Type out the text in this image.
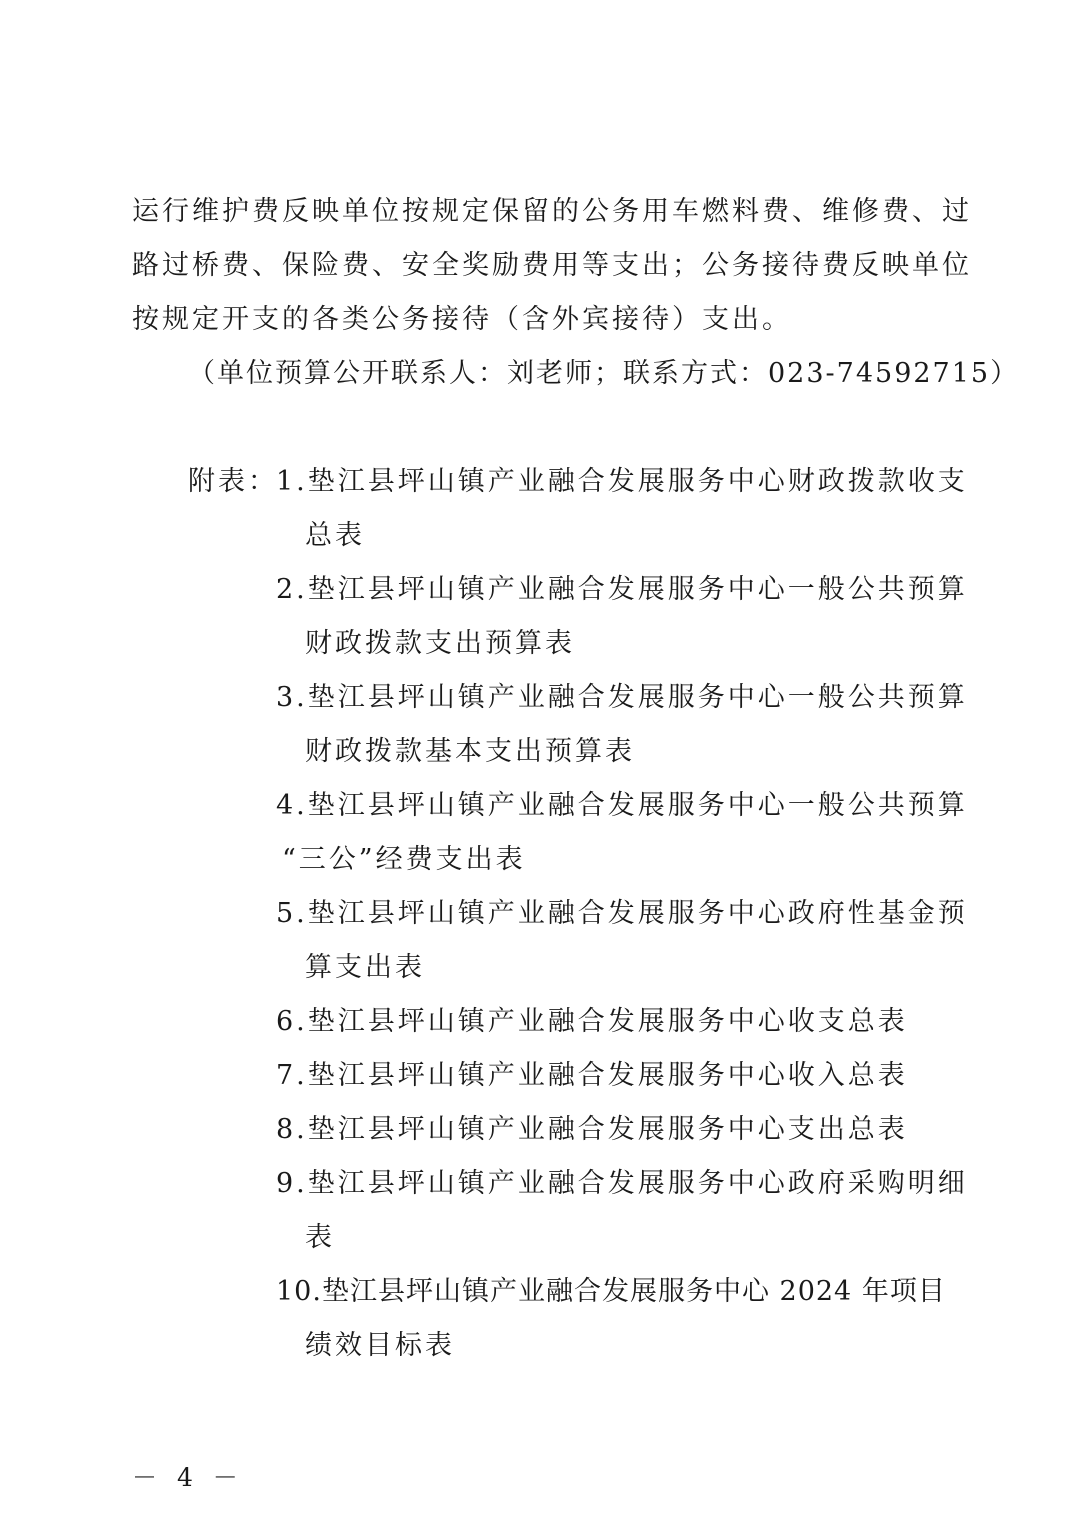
运行维护费反映单位按规定保留的公务用车燃料费、维修费、过
路过桥费、保险费、安全奖励费用等支出；公务接待费反映单位
按规定开支的各类公务接待（含外宾接待）支出。
（单位预算公开联系人：刘老师；联系方式：023-74592715）
附表：
1.垫江县坪山镇产业融合发展服务中心财政拨款收支
总表
2.垫江县坪山镇产业融合发展服务中心一般公共预算
财政拨款支出预算表
3.垫江县坪山镇产业融合发展服务中心一般公共预算
财政拨款基本支出预算表
4.垫江县坪山镇产业融合发展服务中心一般公共预算
“三公”经费支出表
5.垫江县坪山镇产业融合发展服务中心政府性基金预
算支出表
6.垫江县坪山镇产业融合发展服务中心收支总表
7.垫江县坪山镇产业融合发展服务中心收入总表
8.垫江县坪山镇产业融合发展服务中心支出总表
9.垫江县坪山镇产业融合发展服务中心政府采购明细
表
10.垫江县坪山镇产业融合发展服务中心 2024 年项目
绩效目标表
－ 4 －
